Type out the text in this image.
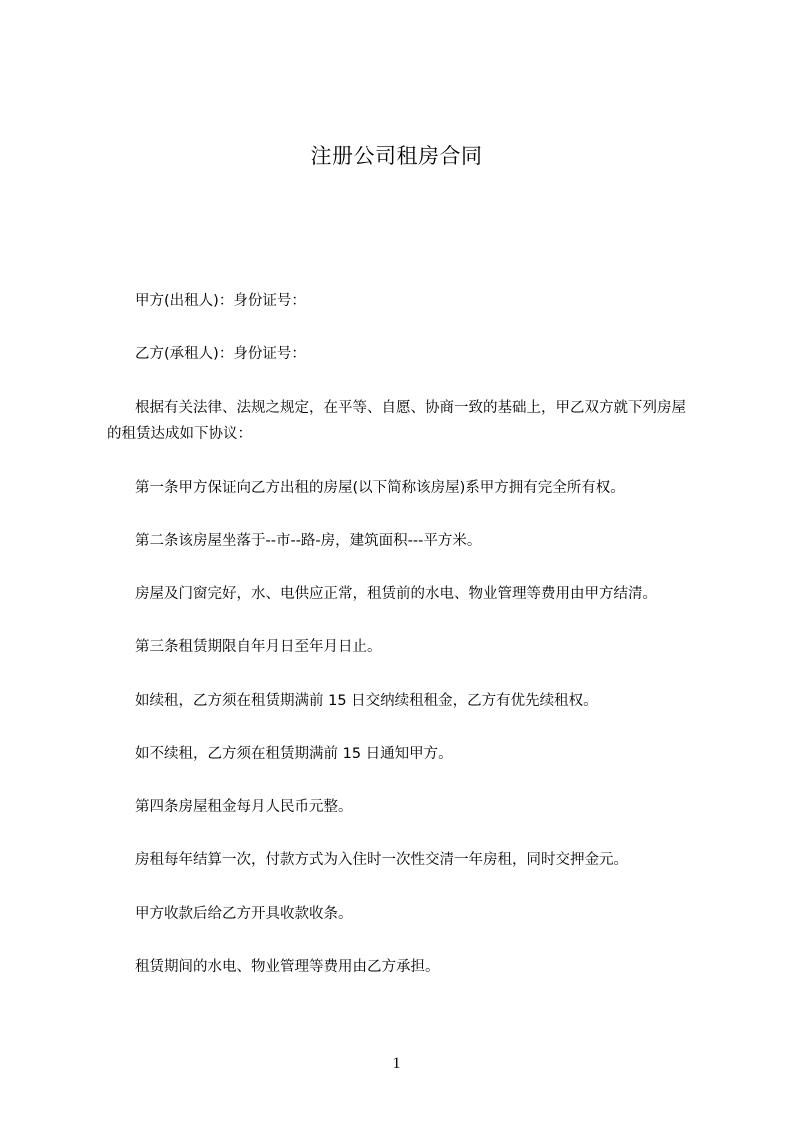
注册公司租房合同
甲方(出租人)：身份证号：
乙方(承租人)：身份证号：
根据有关法律、法规之规定，在平等、自愿、协商一致的基础上，甲乙双方就下列房屋的租赁达成如下协议：
第一条甲方保证向乙方出租的房屋(以下简称该房屋)系甲方拥有完全所有权。
第二条该房屋坐落于--市--路-房，建筑面积---平方米。
房屋及门窗完好，水、电供应正常，租赁前的水电、物业管理等费用由甲方结清。
第三条租赁期限自年月日至年月日止。
如续租，乙方须在租赁期满前 15 日交纳续租租金，乙方有优先续租权。
如不续租，乙方须在租赁期满前 15 日通知甲方。
第四条房屋租金每月人民币元整。
房租每年结算一次，付款方式为入住时一次性交清一年房租，同时交押金元。
甲方收款后给乙方开具收款收条。
租赁期间的水电、物业管理等费用由乙方承担。
1
